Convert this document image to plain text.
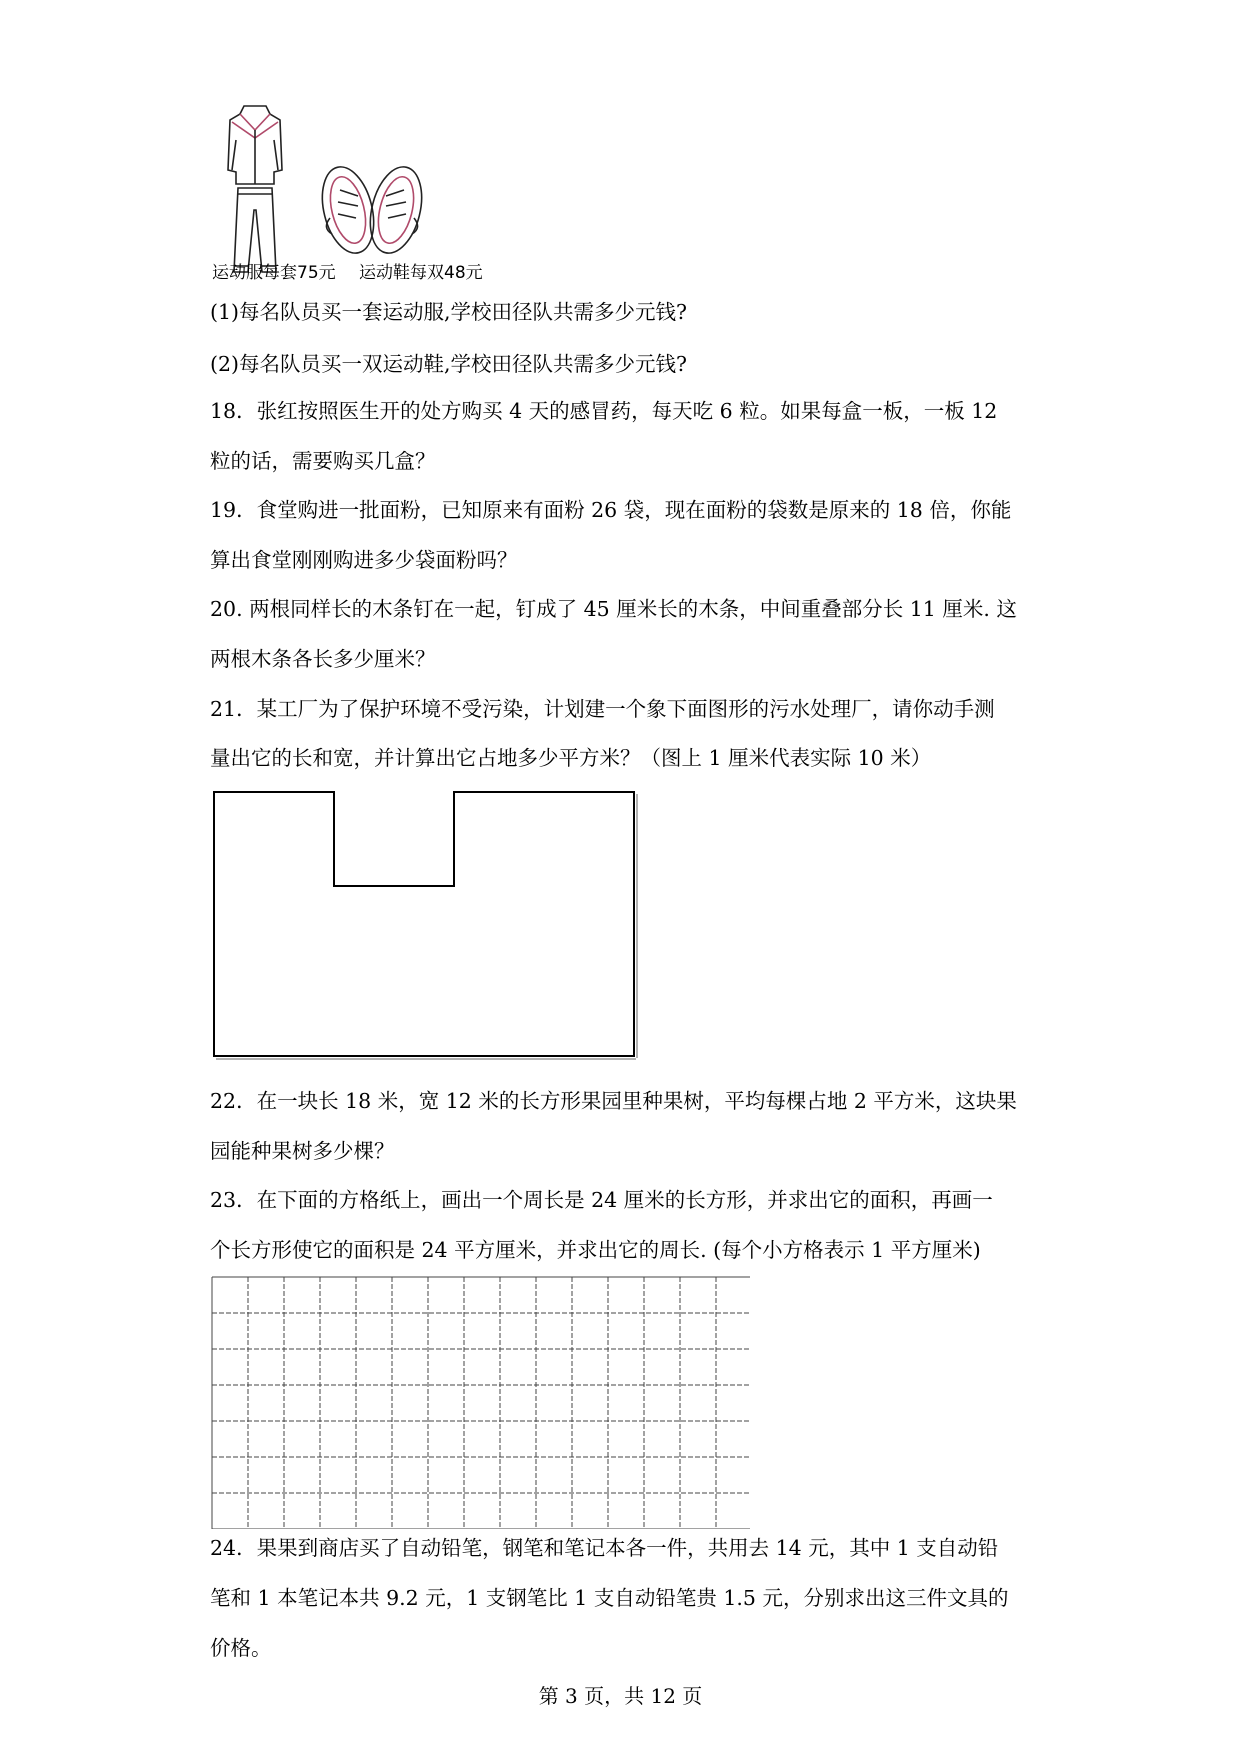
运动服每套75元 运动鞋每双48元
(1)每名队员买一套运动服,学校田径队共需多少元钱?
(2)每名队员买一双运动鞋,学校田径队共需多少元钱?
18．张红按照医生开的处方购买 4 天的感冒药，每天吃 6 粒。如果每盒一板，一板 12
粒的话，需要购买几盒？
19．食堂购进一批面粉，已知原来有面粉 26 袋，现在面粉的袋数是原来的 18 倍，你能
算出食堂刚刚购进多少袋面粉吗？
20. 两根同样长的木条钉在一起，钉成了 45 厘米长的木条，中间重叠部分长 11 厘米. 这
两根木条各长多少厘米？
21．某工厂为了保护环境不受污染，计划建一个象下面图形的污水处理厂，请你动手测
量出它的长和宽，并计算出它占地多少平方米？（图上 1 厘米代表实际 10 米）
22．在一块长 18 米，宽 12 米的长方形果园里种果树，平均每棵占地 2 平方米，这块果
园能种果树多少棵？
23．在下面的方格纸上，画出一个周长是 24 厘米的长方形，并求出它的面积，再画一
个长方形使它的面积是 24 平方厘米，并求出它的周长. (每个小方格表示 1 平方厘米)
24．果果到商店买了自动铅笔，钢笔和笔记本各一件，共用去 14 元，其中 1 支自动铅
笔和 1 本笔记本共 9.2 元，1 支钢笔比 1 支自动铅笔贵 1.5 元，分别求出这三件文具的
价格。
第 3 页，共 12 页
